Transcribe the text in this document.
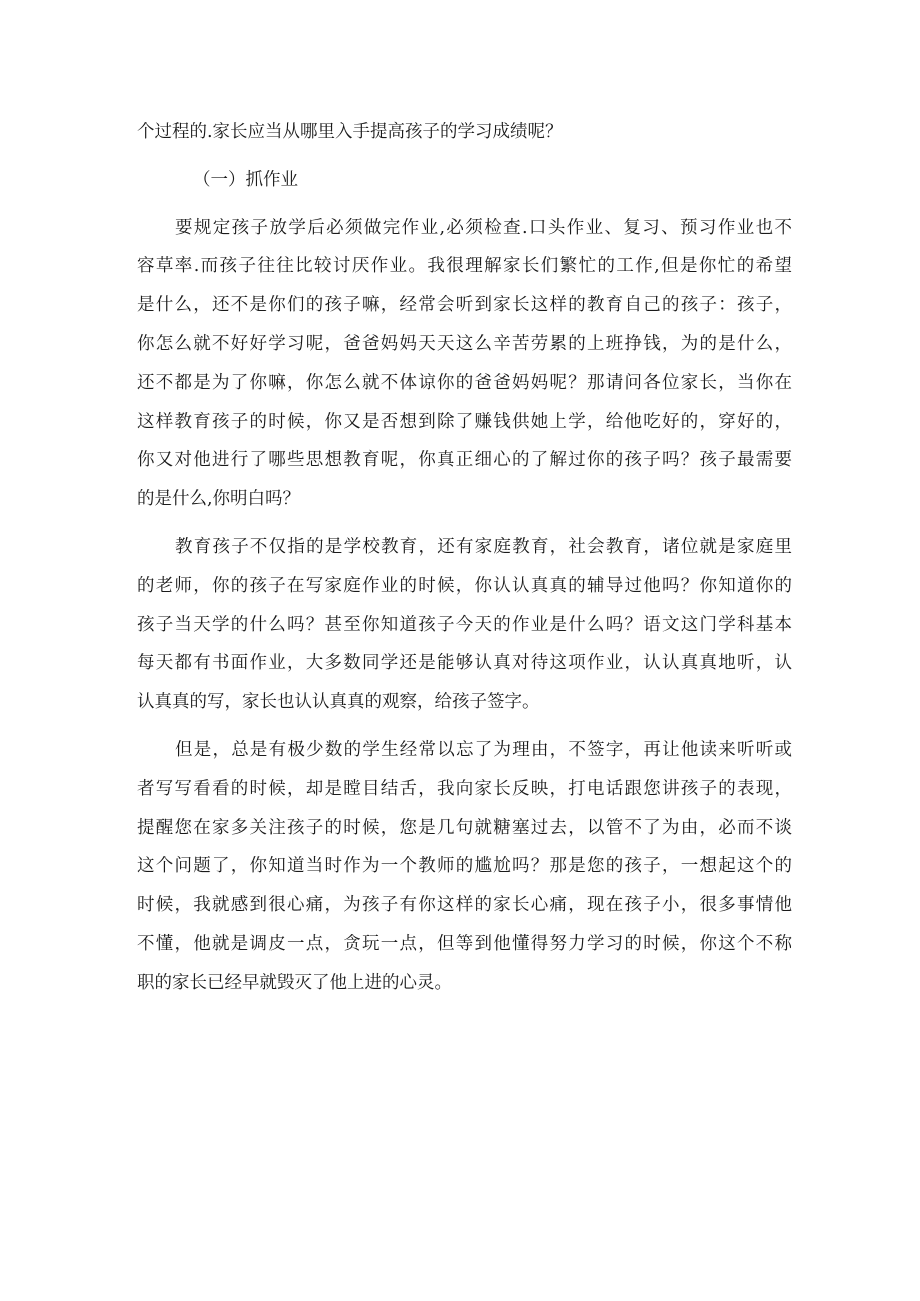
个过程的.家长应当从哪里入手提高孩子的学习成绩呢？
（一）抓作业
要规定孩子放学后必须做完作业,必须检查.口头作业、复习、预习作业也不
容草率.而孩子往往比较讨厌作业。我很理解家长们繁忙的工作,但是你忙的希望
是什么，还不是你们的孩子嘛，经常会听到家长这样的教育自己的孩子：孩子，
你怎么就不好好学习呢，爸爸妈妈天天这么辛苦劳累的上班挣钱，为的是什么，
还不都是为了你嘛，你怎么就不体谅你的爸爸妈妈呢？那请问各位家长，当你在
这样教育孩子的时候，你又是否想到除了赚钱供她上学，给他吃好的，穿好的，
你又对他进行了哪些思想教育呢，你真正细心的了解过你的孩子吗？孩子最需要
的是什么,你明白吗？
教育孩子不仅指的是学校教育，还有家庭教育，社会教育，诸位就是家庭里
的老师，你的孩子在写家庭作业的时候，你认认真真的辅导过他吗？你知道你的
孩子当天学的什么吗？甚至你知道孩子今天的作业是什么吗？语文这门学科基本
每天都有书面作业，大多数同学还是能够认真对待这项作业，认认真真地听，认
认真真的写，家长也认认真真的观察，给孩子签字。
但是，总是有极少数的学生经常以忘了为理由，不签字，再让他读来听听或
者写写看看的时候，却是瞠目结舌，我向家长反映，打电话跟您讲孩子的表现，
提醒您在家多关注孩子的时候，您是几句就糖塞过去，以管不了为由，必而不谈
这个问题了，你知道当时作为一个教师的尴尬吗？那是您的孩子，一想起这个的
时候，我就感到很心痛，为孩子有你这样的家长心痛，现在孩子小，很多事情他
不懂，他就是调皮一点，贪玩一点，但等到他懂得努力学习的时候，你这个不称
职的家长已经早就毁灭了他上进的心灵。
